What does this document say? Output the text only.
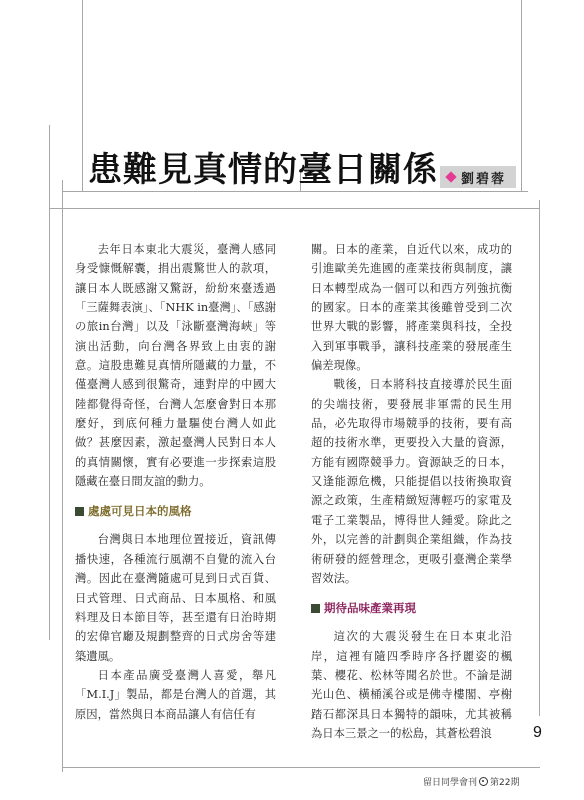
患難見真情的臺日關係 劉碧蓉

去年日本東北大震災，臺灣人感同身受慷慨解囊，捐出震驚世人的款項，讓日本人既感謝又驚訝，紛紛來臺透過「三薩舞表演」、「NHK in臺灣」、「感謝の旅in台灣」以及「泳斷臺灣海峽」等演出活動，向台灣各界致上由衷的謝意。這股患難見真情所隱藏的力量，不僅臺灣人感到很驚奇，連對岸的中國大陸都覺得奇怪，台灣人怎麼會對日本那麼好，到底何種力量驅使台灣人如此做？甚麼因素，激起臺灣人民對日本人的真情關懷，實有必要進一步探索這股隱藏在臺日間友誼的動力。

處處可見日本的風格

台灣與日本地理位置接近，資訊傳播快速，各種流行風潮不自覺的流入台灣。因此在臺灣隨處可見到日式百貨、日式管理、日式商品、日本風格、和風料理及日本節目等，甚至還有日治時期的宏偉官廳及規劃整齊的日式房舍等建築遺風。

日本產品廣受臺灣人喜愛，舉凡「M.I.J」製品，都是台灣人的首選，其原因，當然與日本商品讓人有信任有

關。日本的產業，自近代以來，成功的引進歐美先進國的產業技術與制度，讓日本轉型成為一個可以和西方列強抗衡的國家。日本的產業其後雖曾受到二次世界大戰的影響，將產業與科技，全投入到軍事戰爭，讓科技產業的發展產生偏差現像。

戰後，日本將科技直接導於民生面的尖端技術，要發展非軍需的民生用品，必先取得市場競爭的技術，要有高超的技術水準，更要投入大量的資源，方能有國際競爭力。資源缺乏的日本，又逢能源危機，只能提倡以技術換取資源之政策，生產精緻短薄輕巧的家電及電子工業製品，博得世人鍾愛。除此之外，以完善的計劃與企業組織，作為技術研發的經營理念，更吸引臺灣企業學習效法。

期待品味產業再現

這次的大震災發生在日本東北沿岸，這裡有隨四季時序各抒麗姿的楓葉、櫻花、松林等聞名於世。不論是湖光山色、橫桶溪谷或是佛寺樓閣、亭榭踏石都深具日本獨特的韻味，尤其被稱為日本三景之一的松島，其蒼松碧浪	9
留日同學會刊 第22期
